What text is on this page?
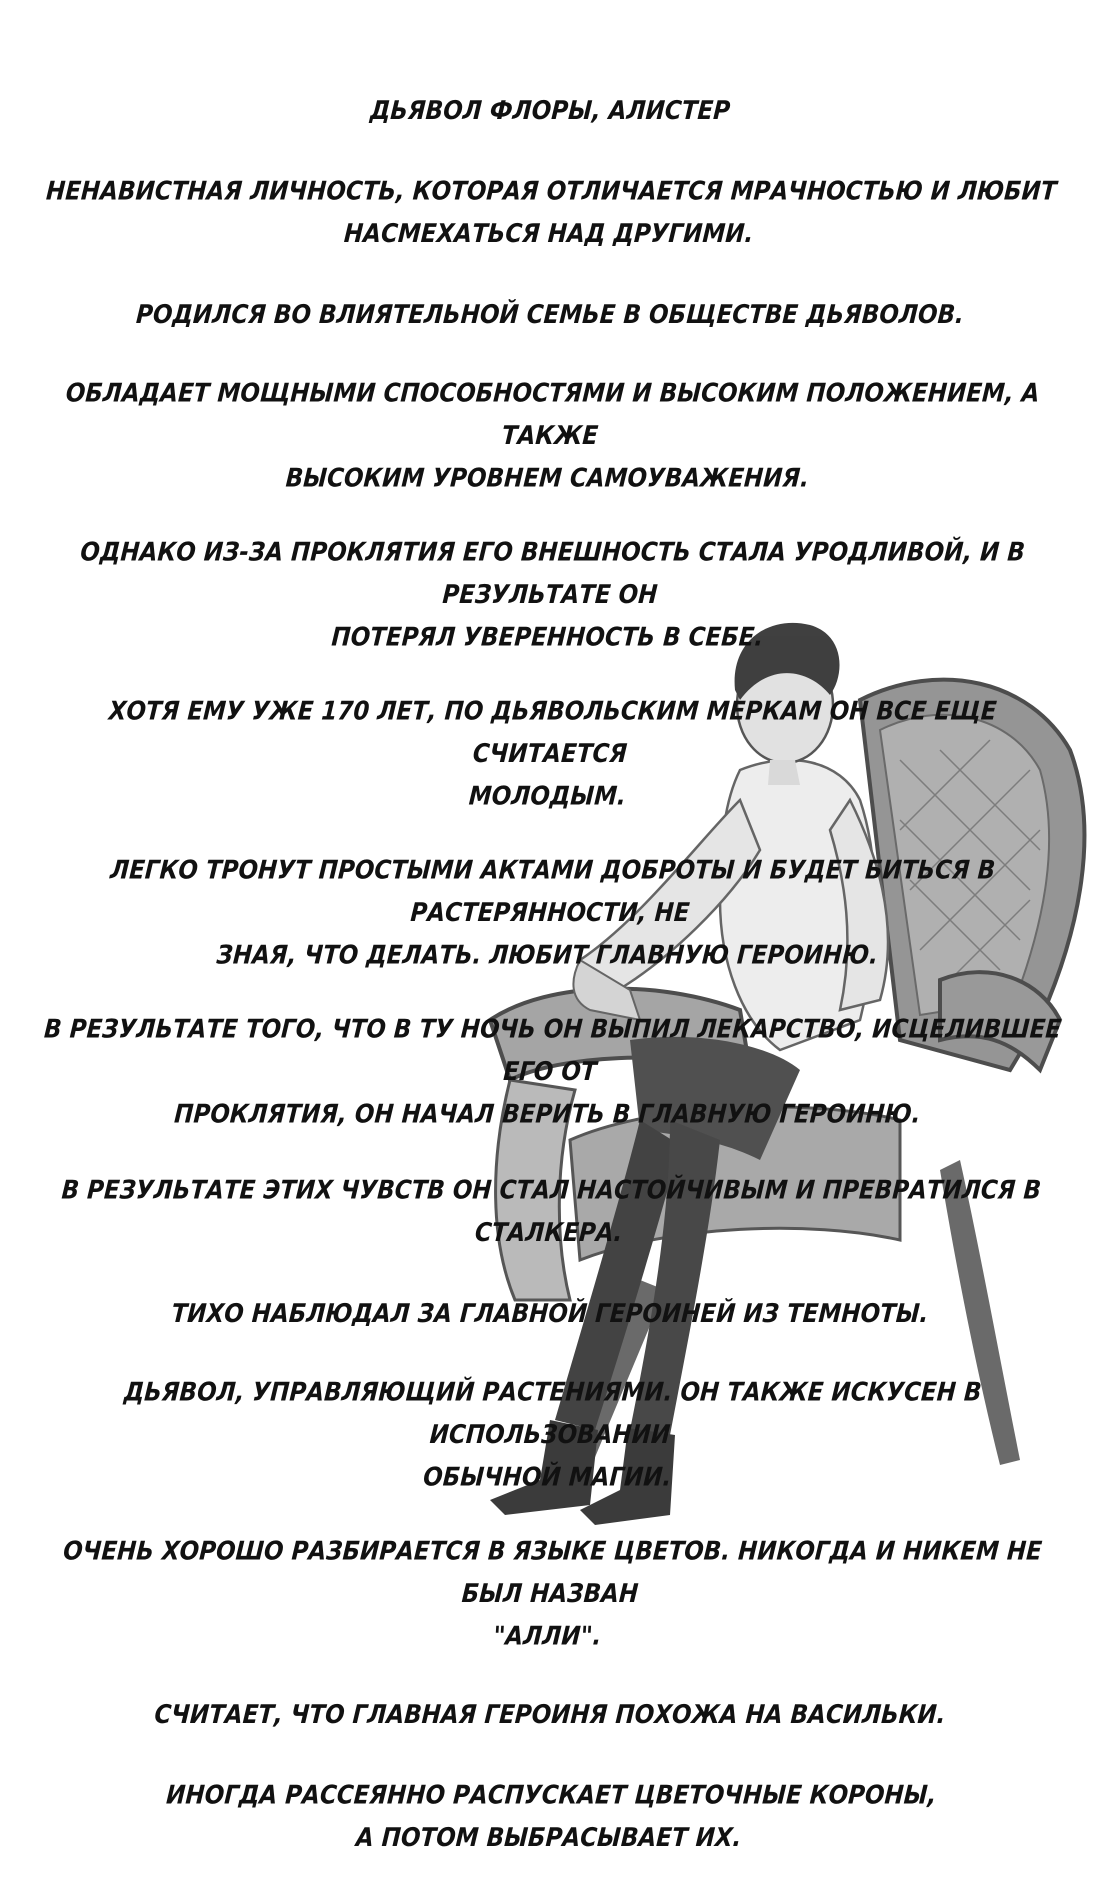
ДЬЯВОЛ ФЛОРЫ, АЛИСТЕР

НЕНАВИСТНАЯ ЛИЧНОСТЬ, КОТОРАЯ ОТЛИЧАЕТСЯ МРАЧНОСТЬЮ И ЛЮБИТ
НАСМЕХАТЬСЯ НАД ДРУГИМИ.

РОДИЛСЯ ВО ВЛИЯТЕЛЬНОЙ СЕМЬЕ В ОБЩЕСТВЕ ДЬЯВОЛОВ.

ОБЛАДАЕТ МОЩНЫМИ СПОСОБНОСТЯМИ И ВЫСОКИМ ПОЛОЖЕНИЕМ, А ТАКЖЕ
ВЫСОКИМ УРОВНЕМ САМОУВАЖЕНИЯ.

ОДНАКО ИЗ-ЗА ПРОКЛЯТИЯ ЕГО ВНЕШНОСТЬ СТАЛА УРОДЛИВОЙ, И В РЕЗУЛЬТАТЕ ОН
ПОТЕРЯЛ УВЕРЕННОСТЬ В СЕБЕ.

ХОТЯ ЕМУ УЖЕ 170 ЛЕТ, ПО ДЬЯВОЛЬСКИМ МЕРКАМ ОН ВСЕ ЕЩЕ СЧИТАЕТСЯ
МОЛОДЫМ.

ЛЕГКО ТРОНУТ ПРОСТЫМИ АКТАМИ ДОБРОТЫ И БУДЕТ БИТЬСЯ В РАСТЕРЯННОСТИ, НЕ
ЗНАЯ, ЧТО ДЕЛАТЬ. ЛЮБИТ ГЛАВНУЮ ГЕРОИНЮ.

В РЕЗУЛЬТАТЕ ТОГО, ЧТО В ТУ НОЧЬ ОН ВЫПИЛ ЛЕКАРСТВО, ИСЦЕЛИВШЕЕ ЕГО ОТ
ПРОКЛЯТИЯ, ОН НАЧАЛ ВЕРИТЬ В ГЛАВНУЮ ГЕРОИНЮ.

В РЕЗУЛЬТАТЕ ЭТИХ ЧУВСТВ ОН СТАЛ НАСТОЙЧИВЫМ И ПРЕВРАТИЛСЯ В СТАЛКЕРА.

ТИХО НАБЛЮДАЛ ЗА ГЛАВНОЙ ГЕРОИНЕЙ ИЗ ТЕМНОТЫ.

ДЬЯВОЛ, УПРАВЛЯЮЩИЙ РАСТЕНИЯМИ. ОН ТАКЖЕ ИСКУСЕН В ИСПОЛЬЗОВАНИИ
ОБЫЧНОЙ МАГИИ.

ОЧЕНЬ ХОРОШО РАЗБИРАЕТСЯ В ЯЗЫКЕ ЦВЕТОВ. НИКОГДА И НИКЕМ НЕ БЫЛ НАЗВАН
"АЛЛИ".

СЧИТАЕТ, ЧТО ГЛАВНАЯ ГЕРОИНЯ ПОХОЖА НА ВАСИЛЬКИ.

ИНОГДА РАССЕЯННО РАСПУСКАЕТ ЦВЕТОЧНЫЕ КОРОНЫ,
А ПОТОМ ВЫБРАСЫВАЕТ ИХ.
